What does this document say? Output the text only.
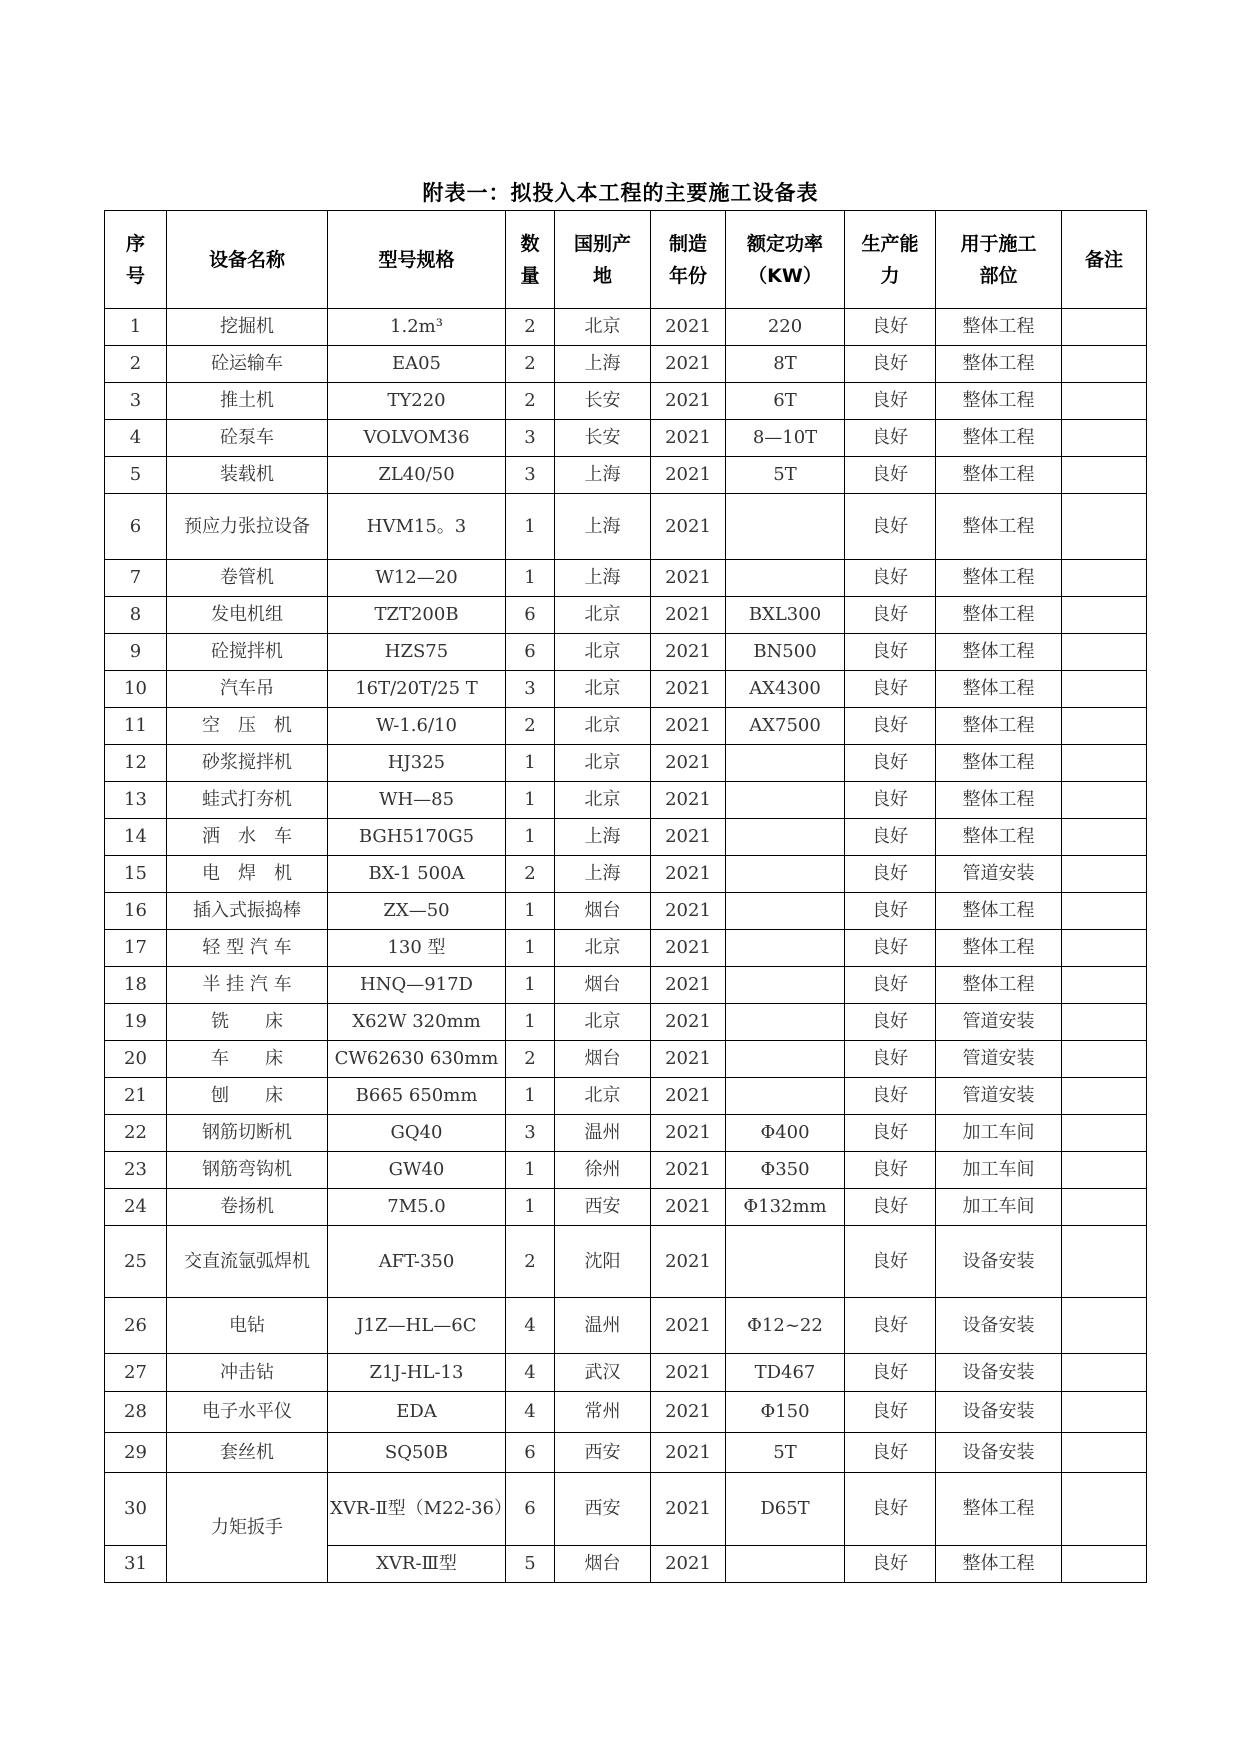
附表一：拟投入本工程的主要施工设备表
序号	设备名称	型号规格	数量	国别产地	制造年份	额定功率（KW）	生产能力	用于施工部位	备注
1	挖掘机	1.2m³	2	北京	2021	220	良好	整体工程	
2	砼运输车	EA05	2	上海	2021	8T	良好	整体工程	
3	推土机	TY220	2	长安	2021	6T	良好	整体工程	
4	砼泵车	VOLVOM36	3	长安	2021	8—10T	良好	整体工程	
5	装载机	ZL40/50	3	上海	2021	5T	良好	整体工程	
6	预应力张拉设备	HVM15。3	1	上海	2021		良好	整体工程	
7	卷管机	W12—20	1	上海	2021		良好	整体工程	
8	发电机组	TZT200B	6	北京	2021	BXL300	良好	整体工程	
9	砼搅拌机	HZS75	6	北京	2021	BN500	良好	整体工程	
10	汽车吊	16T/20T/25 T	3	北京	2021	AX4300	良好	整体工程	
11	空　压　机	W-1.6/10	2	北京	2021	AX7500	良好	整体工程	
12	砂浆搅拌机	HJ325	1	北京	2021		良好	整体工程	
13	蛙式打夯机	WH—85	1	北京	2021		良好	整体工程	
14	洒　水　车	BGH5170G5	1	上海	2021		良好	整体工程	
15	电　焊　机	BX-1 500A	2	上海	2021		良好	管道安装	
16	插入式振捣棒	ZX—50	1	烟台	2021		良好	整体工程	
17	轻 型 汽 车	130 型	1	北京	2021		良好	整体工程	
18	半 挂 汽 车	HNQ—917D	1	烟台	2021		良好	整体工程	
19	铣　　床	X62W 320mm	1	北京	2021		良好	管道安装	
20	车　　床	CW62630 630mm	2	烟台	2021		良好	管道安装	
21	刨　　床	B665 650mm	1	北京	2021		良好	管道安装	
22	钢筋切断机	GQ40	3	温州	2021	Φ400	良好	加工车间	
23	钢筋弯钩机	GW40	1	徐州	2021	Φ350	良好	加工车间	
24	卷扬机	7M5.0	1	西安	2021	Φ132mm	良好	加工车间	
25	交直流氩弧焊机	AFT-350	2	沈阳	2021		良好	设备安装	
26	电钻	J1Z—HL—6C	4	温州	2021	Φ12~22	良好	设备安装	
27	冲击钻	Z1J-HL-13	4	武汉	2021	TD467	良好	设备安装	
28	电子水平仪	EDA	4	常州	2021	Φ150	良好	设备安装	
29	套丝机	SQ50B	6	西安	2021	5T	良好	设备安装	
30	力矩扳手	XVR-Ⅱ型（M22-36）	6	西安	2021	D65T	良好	整体工程	
31		XVR-Ⅲ型	5	烟台	2021		良好	整体工程	
